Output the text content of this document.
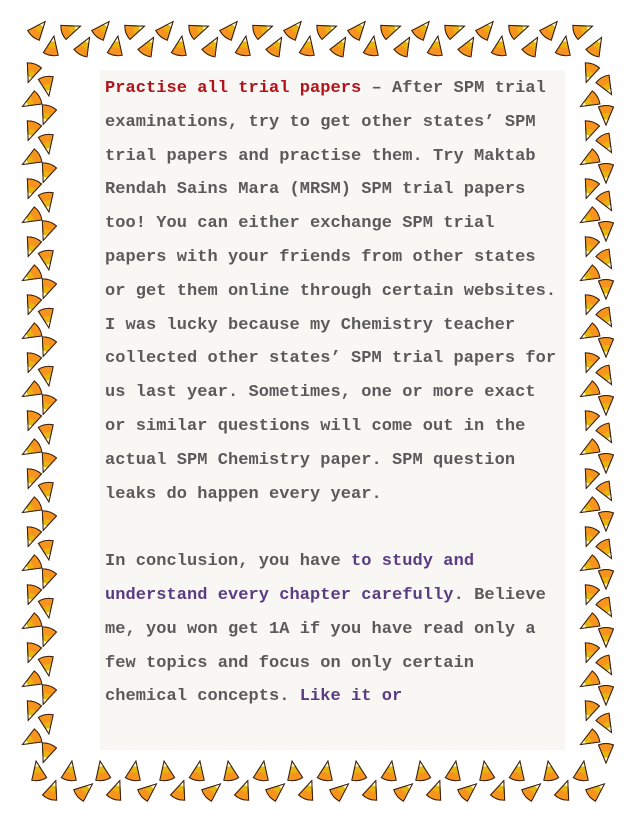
Practise all trial papers – After SPM trial examinations, try to get other states’ SPM trial papers and practise them. Try Maktab Rendah Sains Mara (MRSM) SPM trial papers too! You can either exchange SPM trial papers with your friends from other states or get them online through certain websites. I was lucky because my Chemistry teacher collected other states’ SPM trial papers for us last year. Sometimes, one or more exact or similar questions will come out in the actual SPM Chemistry paper. SPM question leaks do happen every year.

In conclusion, you have to study and understand every chapter carefully. Believe me, you won get 1A if you have read only a few topics and focus on only certain chemical concepts. Like it or
